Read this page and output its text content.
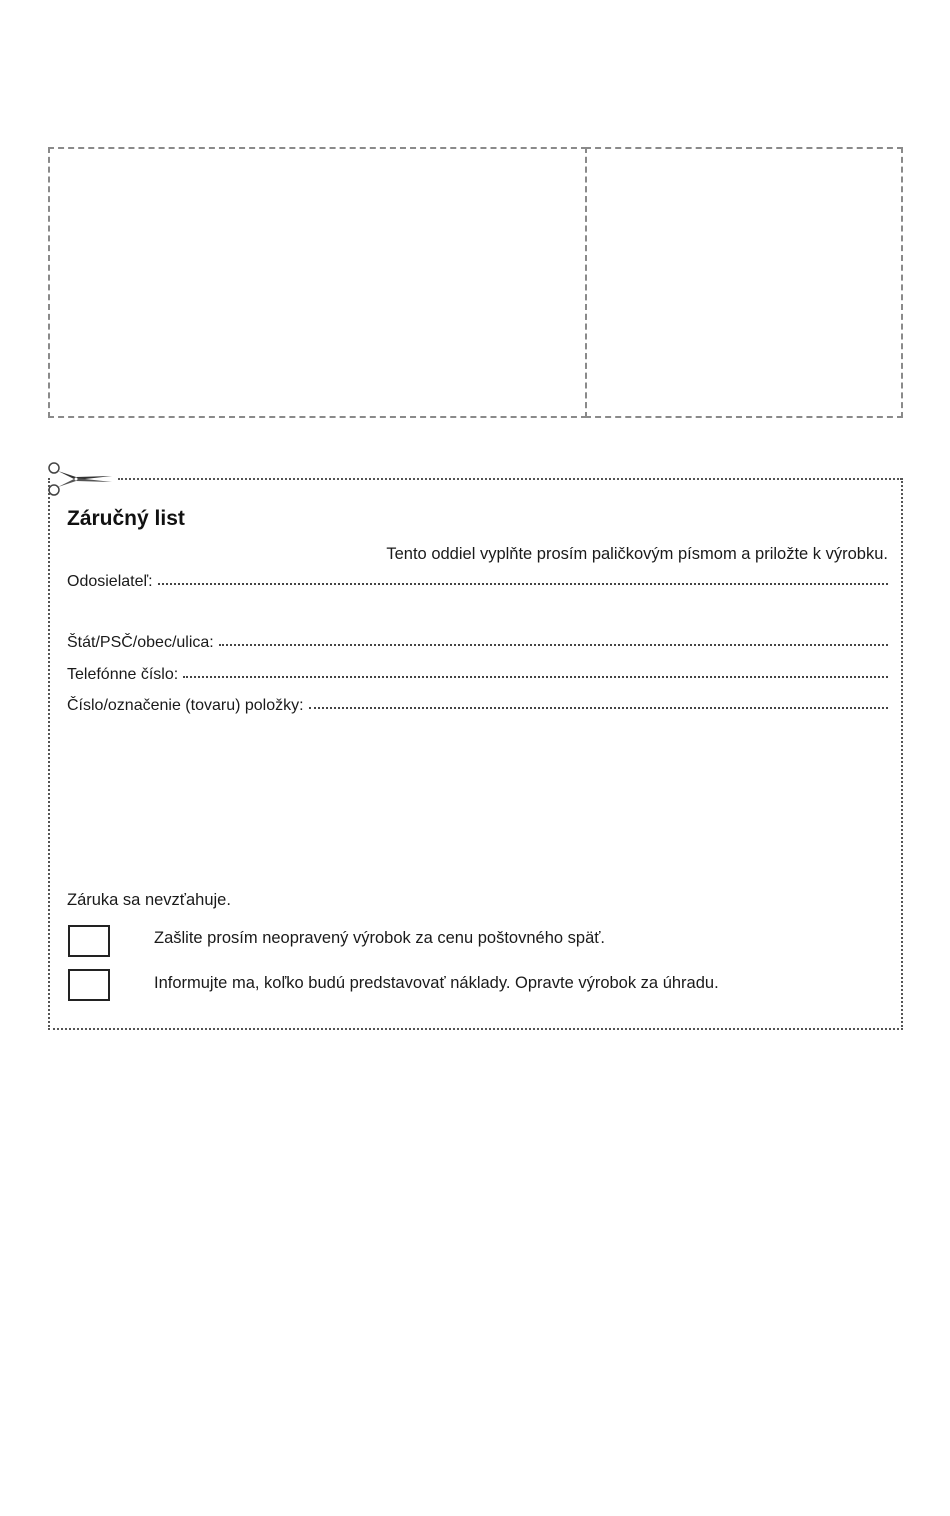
Záručný list
Tento oddiel vyplňte prosím paličkovým písmom a priložte k výrobku.
Odosielateľ:
Štát/PSČ/obec/ulica:
Telefónne číslo:
Číslo/označenie (tovaru) položky:
Záruka sa nevzťahuje.
Zašlite prosím neopravený výrobok za cenu poštovného späť.
Informujte ma, koľko budú predstavovať náklady. Opravte výrobok za úhradu.
